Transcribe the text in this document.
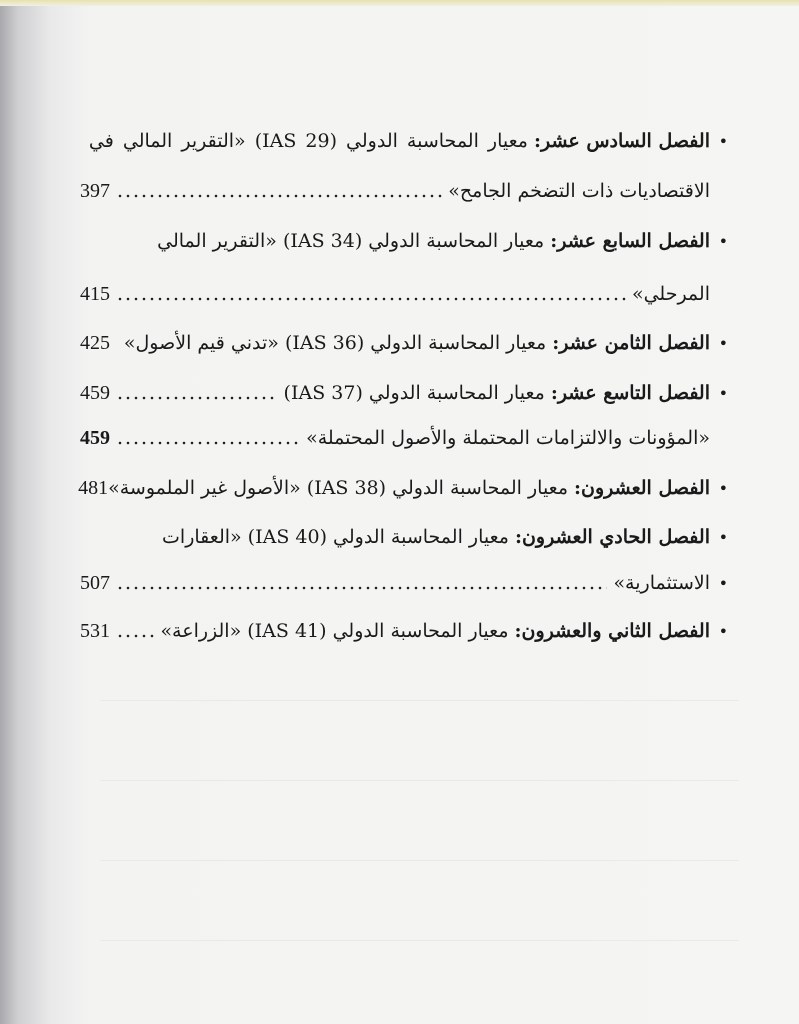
•
الفصل السادس عشر:
معيار المحاسبة الدولي (IAS 29) «التقرير المالي في
الاقتصاديات ذات التضخم الجامح»
397
•
الفصل السابع عشر:
معيار المحاسبة الدولي (IAS 34) «التقرير المالي
المرحلي»
415
•
الفصل الثامن عشر:
معيار المحاسبة الدولي (IAS 36) «تدني قيم الأصول»
425
•
الفصل التاسع عشر:
معيار المحاسبة الدولي (IAS 37)
459
«المؤونات والالتزامات المحتملة والأصول المحتملة»
459
•
الفصل العشرون:
معيار المحاسبة الدولي (IAS 38) «الأصول غير الملموسة»
481
•
الفصل الحادي العشرون:
معيار المحاسبة الدولي (IAS 40) «العقارات
•
الاستثمارية»
507
•
الفصل الثاني والعشرون:
معيار المحاسبة الدولي (IAS 41) «الزراعة»
531
